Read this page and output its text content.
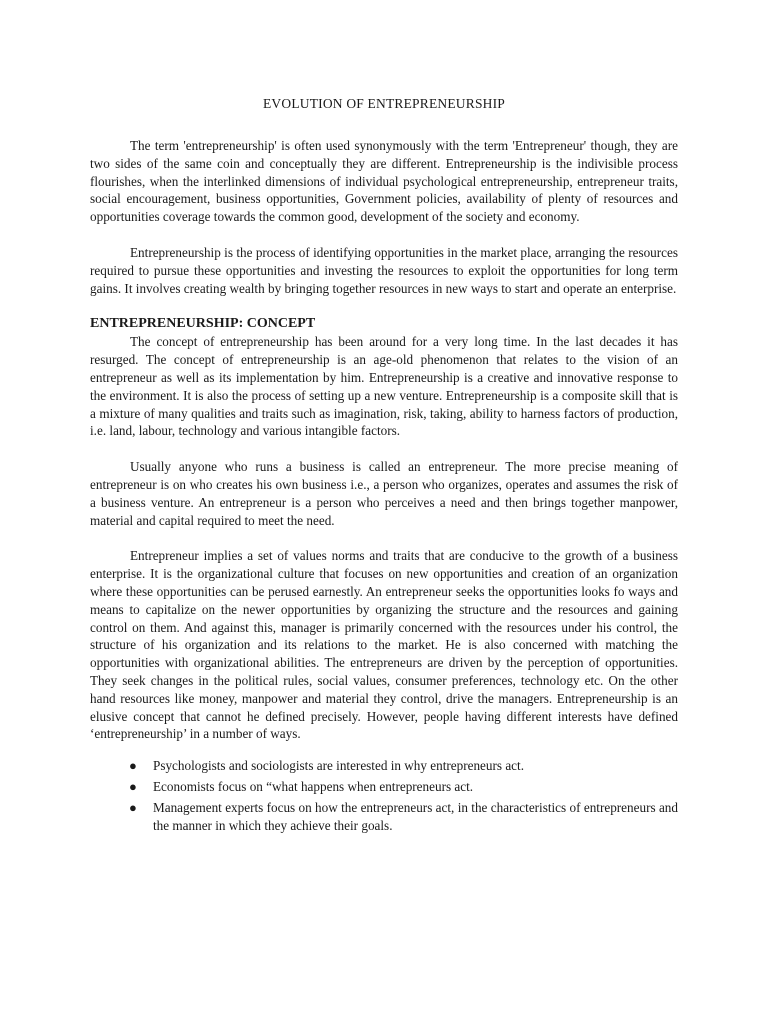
EVOLUTION OF ENTREPRENEURSHIP

The term 'entrepreneurship' is often used synonymously with the term 'Entrepreneur' though, they are two sides of the same coin and conceptually they are different. Entrepreneurship is the indivisible process flourishes, when the interlinked dimensions of individual psychological entrepreneurship, entrepreneur traits, social encouragement, business opportunities, Government policies, availability of plenty of resources and opportunities coverage towards the common good, development of the society and economy.

Entrepreneurship is the process of identifying opportunities in the market place, arranging the resources required to pursue these opportunities and investing the resources to exploit the opportunities for long term gains. It involves creating wealth by bringing together resources in new ways to start and operate an enterprise.

ENTREPRENEURSHIP: CONCEPT

The concept of entrepreneurship has been around for a very long time. In the last decades it has resurged. The concept of entrepreneurship is an age-old phenomenon that relates to the vision of an entrepreneur as well as its implementation by him. Entrepreneurship is a creative and innovative response to the environment. It is also the process of setting up a new venture. Entrepreneurship is a composite skill that is a mixture of many qualities and traits such as imagination, risk, taking, ability to harness factors of production, i.e. land, labour, technology and various intangible factors.

Usually anyone who runs a business is called an entrepreneur. The more precise meaning of entrepreneur is on who creates his own business i.e., a person who organizes, operates and assumes the risk of a business venture. An entrepreneur is a person who perceives a need and then brings together manpower, material and capital required to meet the need.

Entrepreneur implies a set of values norms and traits that are conducive to the growth of a business enterprise. It is the organizational culture that focuses on new opportunities and creation of an organization where these opportunities can be perused earnestly. An entrepreneur seeks the opportunities looks fo ways and means to capitalize on the newer opportunities by organizing the structure and the resources and gaining control on them. And against this, manager is primarily concerned with the resources under his control, the structure of his organization and its relations to the market. He is also concerned with matching the opportunities with organizational abilities. The entrepreneurs are driven by the perception of opportunities. They seek changes in the political rules, social values, consumer preferences, technology etc. On the other hand resources like money, manpower and material they control, drive the managers. Entrepreneurship is an elusive concept that cannot he defined precisely. However, people having different interests have defined ‘entrepreneurship’ in a number of ways.

● Psychologists and sociologists are interested in why entrepreneurs act.
● Economists focus on “what happens when entrepreneurs act.
● Management experts focus on how the entrepreneurs act, in the characteristics of entrepreneurs and the manner in which they achieve their goals.
